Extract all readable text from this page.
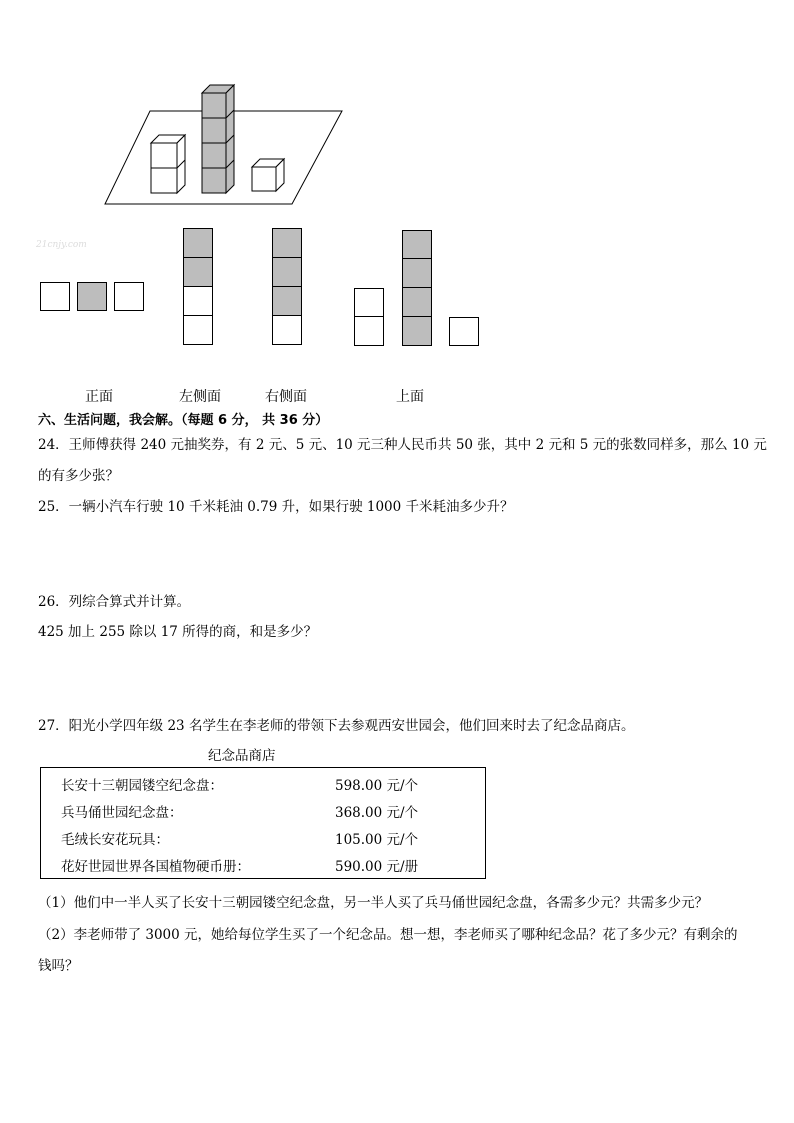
21cnjy.com
正面	左侧面	右侧面	上面
六、生活问题，我会解。（每题 6 分， 共 36 分）
24．王师傅获得 240 元抽奖券，有 2 元、5 元、10 元三种人民币共 50 张，其中 2 元和 5 元的张数同样多，那么 10 元
的有多少张？
25．一辆小汽车行驶 10 千米耗油 0.79 升，如果行驶 1000 千米耗油多少升？
26．列综合算式并计算。
425 加上 255 除以 17 所得的商，和是多少？
27．阳光小学四年级 23 名学生在李老师的带领下去参观西安世园会，他们回来时去了纪念品商店。
纪念品商店
长安十三朝园镂空纪念盘：	598.00 元/个
兵马俑世园纪念盘：	368.00 元/个
毛绒长安花玩具：	105.00 元/个
花好世园世界各国植物硬币册：	590.00 元/册
（1）他们中一半人买了长安十三朝园镂空纪念盘，另一半人买了兵马俑世园纪念盘，各需多少元？共需多少元？
（2）李老师带了 3000 元，她给每位学生买了一个纪念品。想一想，李老师买了哪种纪念品？花了多少元？有剩余的
钱吗？
